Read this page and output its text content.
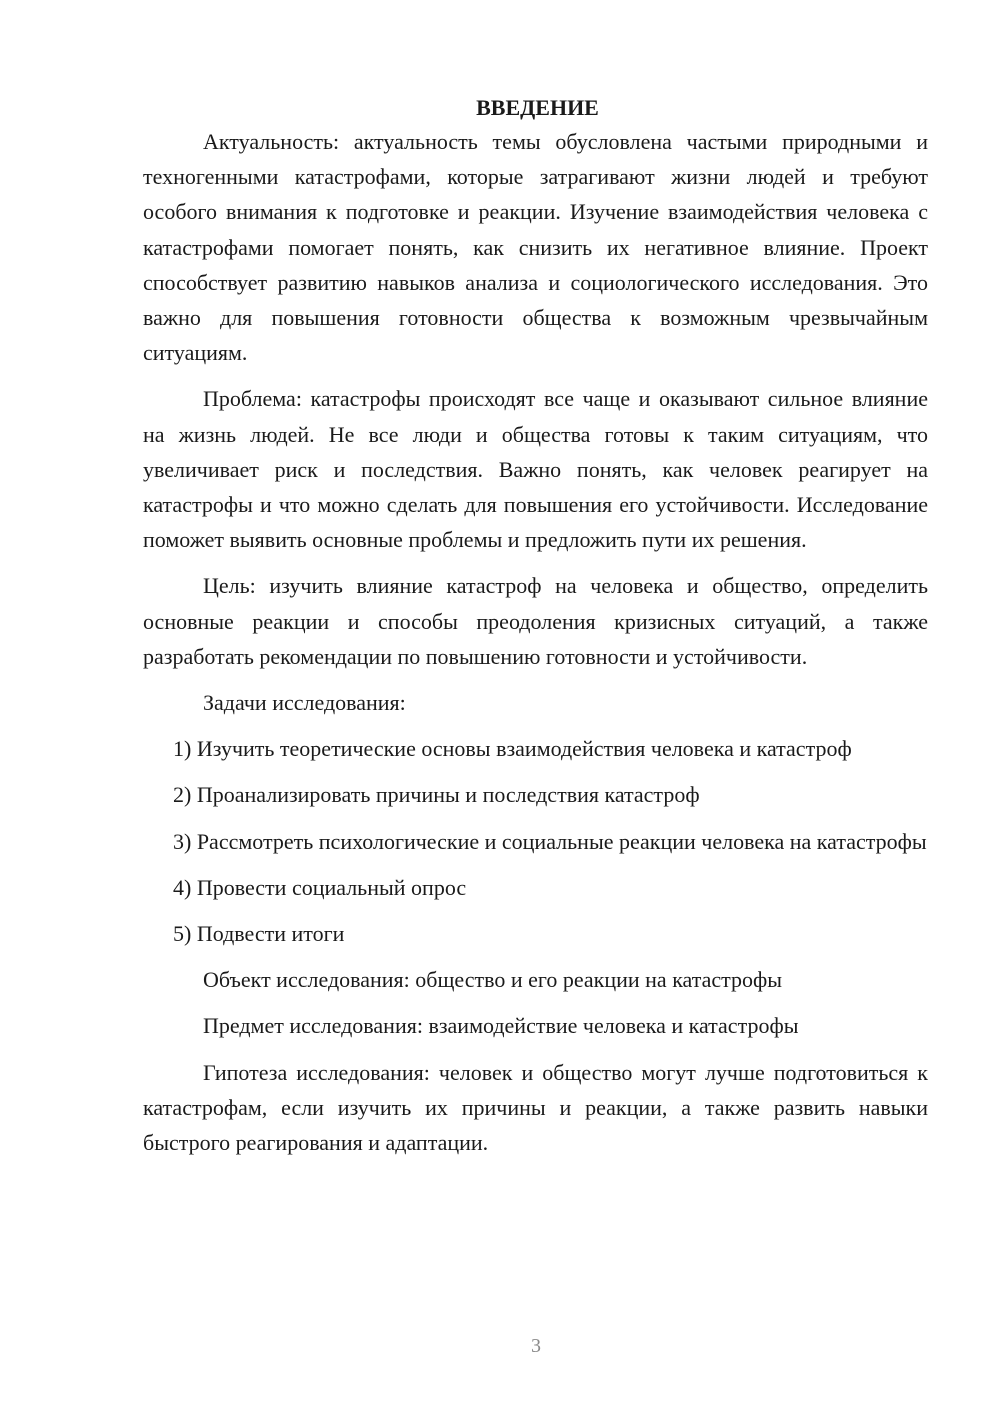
ВВЕДЕНИЕ

Актуальность: актуальность темы обусловлена частыми природными и техногенными катастрофами, которые затрагивают жизни людей и требуют особого внимания к подготовке и реакции. Изучение взаимодействия человека с катастрофами помогает понять, как снизить их негативное влияние. Проект способствует развитию навыков анализа и социологического исследования. Это важно для повышения готовности общества к возможным чрезвычайным ситуациям.

Проблема: катастрофы происходят все чаще и оказывают сильное влияние на жизнь людей. Не все люди и общества готовы к таким ситуациям, что увеличивает риск и последствия. Важно понять, как человек реагирует на катастрофы и что можно сделать для повышения его устойчивости. Исследование поможет выявить основные проблемы и предложить пути их решения.

Цель: изучить влияние катастроф на человека и общество, определить основные реакции и способы преодоления кризисных ситуаций, а также разработать рекомендации по повышению готовности и устойчивости.

Задачи исследования:

1) Изучить теоретические основы взаимодействия человека и катастроф

2) Проанализировать причины и последствия катастроф

3) Рассмотреть психологические и социальные реакции человека на катастрофы

4) Провести социальный опрос

5) Подвести итоги

Объект исследования: общество и его реакции на катастрофы

Предмет исследования: взаимодействие человека и катастрофы

Гипотеза исследования: человек и общество могут лучше подготовиться к катастрофам, если изучить их причины и реакции, а также развить навыки быстрого реагирования и адаптации.

3
